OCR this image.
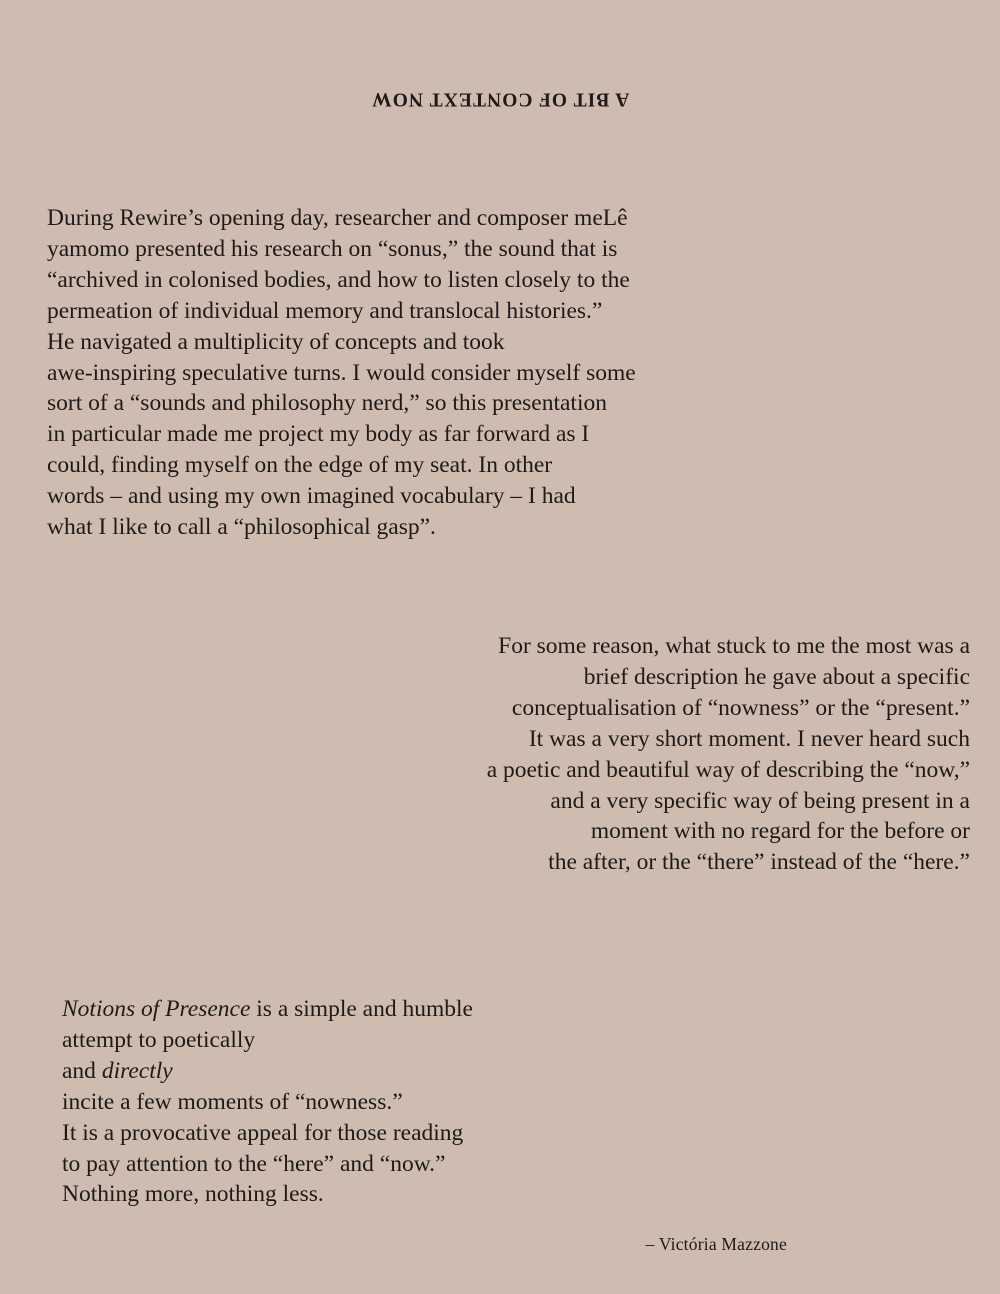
A BIT OF CONTEXT NOW
During Rewire’s opening day, researcher and composer meLê
yamomo presented his research on “sonus,” the sound that is
“archived in colonised bodies, and how to listen closely to the
permeation of individual memory and translocal histories.”
He navigated a multiplicity of concepts and took
awe-inspiring speculative turns. I would consider myself some
sort of a “sounds and philosophy nerd,” so this presentation
in particular made me project my body as far forward as I
could, finding myself on the edge of my seat. In other
words – and using my own imagined vocabulary – I had
what I like to call a “philosophical gasp”.
For some reason, what stuck to me the most was a
brief description he gave about a specific
conceptualisation of “nowness” or the “present.”
It was a very short moment. I never heard such
a poetic and beautiful way of describing the “now,”
and a very specific way of being present in a
moment with no regard for the before or
the after, or the “there” instead of the “here.”
Notions of Presence is a simple and humble
attempt to poetically
and directly
incite a few moments of “nowness.”
It is a provocative appeal for those reading
to pay attention to the “here” and “now.”
Nothing more, nothing less.
– Victória Mazzone
